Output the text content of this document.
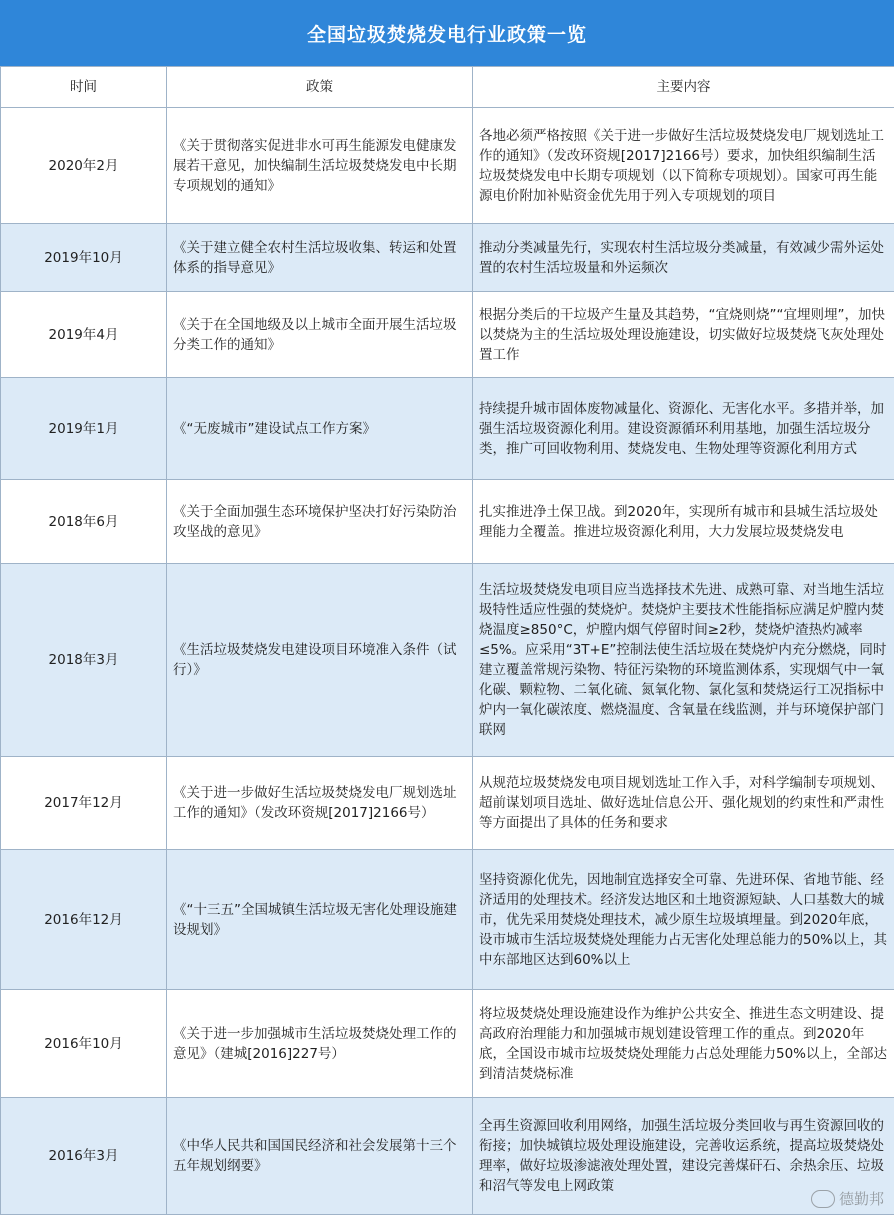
全国垃圾焚烧发电行业政策一览
时间	政策	主要内容
2020年2月	《关于贯彻落实促进非水可再生能源发电健康发展若干意见，加快编制生活垃圾焚烧发电中长期专项规划的通知》	各地必须严格按照《关于进一步做好生活垃圾焚烧发电厂规划选址工作的通知》（发改环资规[2017]2166号）要求，加快组织编制生活垃圾焚烧发电中长期专项规划（以下简称专项规划）。国家可再生能源电价附加补贴资金优先用于列入专项规划的项目
2019年10月	《关于建立健全农村生活垃圾收集、转运和处置体系的指导意见》	推动分类减量先行，实现农村生活垃圾分类减量，有效减少需外运处置的农村生活垃圾量和外运频次
2019年4月	《关于在全国地级及以上城市全面开展生活垃圾分类工作的通知》	根据分类后的干垃圾产生量及其趋势，“宜烧则烧”“宜埋则埋”，加快以焚烧为主的生活垃圾处理设施建设，切实做好垃圾焚烧飞灰处理处置工作
2019年1月	《“无废城市”建设试点工作方案》	持续提升城市固体废物减量化、资源化、无害化水平。多措并举，加强生活垃圾资源化利用。建设资源循环利用基地，加强生活垃圾分类，推广可回收物利用、焚烧发电、生物处理等资源化利用方式
2018年6月	《关于全面加强生态环境保护坚决打好污染防治攻坚战的意见》	扎实推进净土保卫战。到2020年，实现所有城市和县城生活垃圾处理能力全覆盖。推进垃圾资源化利用，大力发展垃圾焚烧发电
2018年3月	《生活垃圾焚烧发电建设项目环境准入条件（试行）》	生活垃圾焚烧发电项目应当选择技术先进、成熟可靠、对当地生活垃圾特性适应性强的焚烧炉。焚烧炉主要技术性能指标应满足炉膛内焚烧温度≥850°C，炉膛内烟气停留时间≥2秒，焚烧炉渣热灼减率≤5%。应采用“3T+E”控制法使生活垃圾在焚烧炉内充分燃烧，同时建立覆盖常规污染物、特征污染物的环境监测体系，实现烟气中一氧化碳、颗粒物、二氧化硫、氮氧化物、氯化氢和焚烧运行工况指标中炉内一氧化碳浓度、燃烧温度、含氧量在线监测，并与环境保护部门联网
2017年12月	《关于进一步做好生活垃圾焚烧发电厂规划选址工作的通知》（发改环资规[2017]2166号）	从规范垃圾焚烧发电项目规划选址工作入手，对科学编制专项规划、超前谋划项目选址、做好选址信息公开、强化规划的约束性和严肃性等方面提出了具体的任务和要求
2016年12月	《“十三五”全国城镇生活垃圾无害化处理设施建设规划》	坚持资源化优先，因地制宜选择安全可靠、先进环保、省地节能、经济适用的处理技术。经济发达地区和土地资源短缺、人口基数大的城市，优先采用焚烧处理技术，减少原生垃圾填埋量。到2020年底，设市城市生活垃圾焚烧处理能力占无害化处理总能力的50%以上，其中东部地区达到60%以上
2016年10月	《关于进一步加强城市生活垃圾焚烧处理工作的意见》（建城[2016]227号）	将垃圾焚烧处理设施建设作为维护公共安全、推进生态文明建设、提高政府治理能力和加强城市规划建设管理工作的重点。到2020年底，全国设市城市垃圾焚烧处理能力占总处理能力50%以上，全部达到清洁焚烧标准
2016年3月	《中华人民共和国国民经济和社会发展第十三个五年规划纲要》	全再生资源回收利用网络，加强生活垃圾分类回收与再生资源回收的衔接；加快城镇垃圾处理设施建设，完善收运系统，提高垃圾焚烧处理率，做好垃圾渗滤液处理处置，建设完善煤矸石、余热余压、垃圾和沼气等发电上网政策
德勤邦
